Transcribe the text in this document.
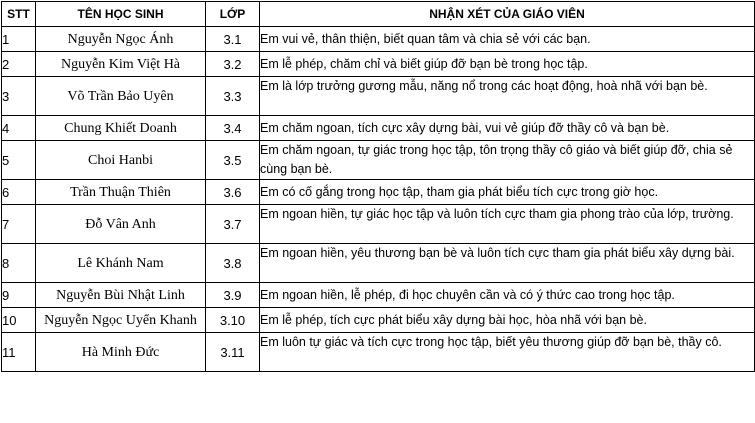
STT	TÊN HỌC SINH	LỚP	NHẬN XÉT CỦA GIÁO VIÊN
1	Nguyễn Ngọc Ánh	3.1	Em vui vẻ, thân thiện, biết quan tâm và chia sẻ với các bạn.
2	Nguyễn Kim Việt Hà	3.2	Em lễ phép, chăm chỉ và biết giúp đỡ bạn bè trong học tập.
3	Võ Trần Bảo Uyên	3.3	Em là lớp trưởng gương mẫu, năng nổ trong các hoạt động, hoà nhã với bạn bè.
4	Chung Khiết Doanh	3.4	Em chăm ngoan, tích cực xây dựng bài, vui vẻ giúp đỡ thầy cô và bạn bè.
5	Choi Hanbi	3.5	Em chăm ngoan, tự giác trong học tập, tôn trọng thầy cô giáo và biết giúp đỡ, chia sẻ cùng bạn bè.
6	Trần Thuận Thiên	3.6	Em có cố gắng trong học tập, tham gia phát biểu tích cực trong giờ học.
7	Đỗ Vân Anh	3.7	Em ngoan hiền, tự giác học tập và luôn tích cực tham gia phong trào của lớp, trường.
8	Lê Khánh Nam	3.8	Em ngoan hiền, yêu thương bạn bè và luôn tích cực tham gia phát biểu xây dựng bài.
9	Nguyễn Bùi Nhật Linh	3.9	Em ngoan hiền, lễ phép, đi học chuyên cần và có ý thức cao trong học tập.
10	Nguyễn Ngọc Uyển Khanh	3.10	Em lễ phép, tích cực phát biểu xây dựng bài học, hòa nhã với bạn bè.
11	Hà Minh Đức	3.11	Em luôn tự giác và tích cực trong học tập, biết yêu thương giúp đỡ bạn bè, thầy cô.
